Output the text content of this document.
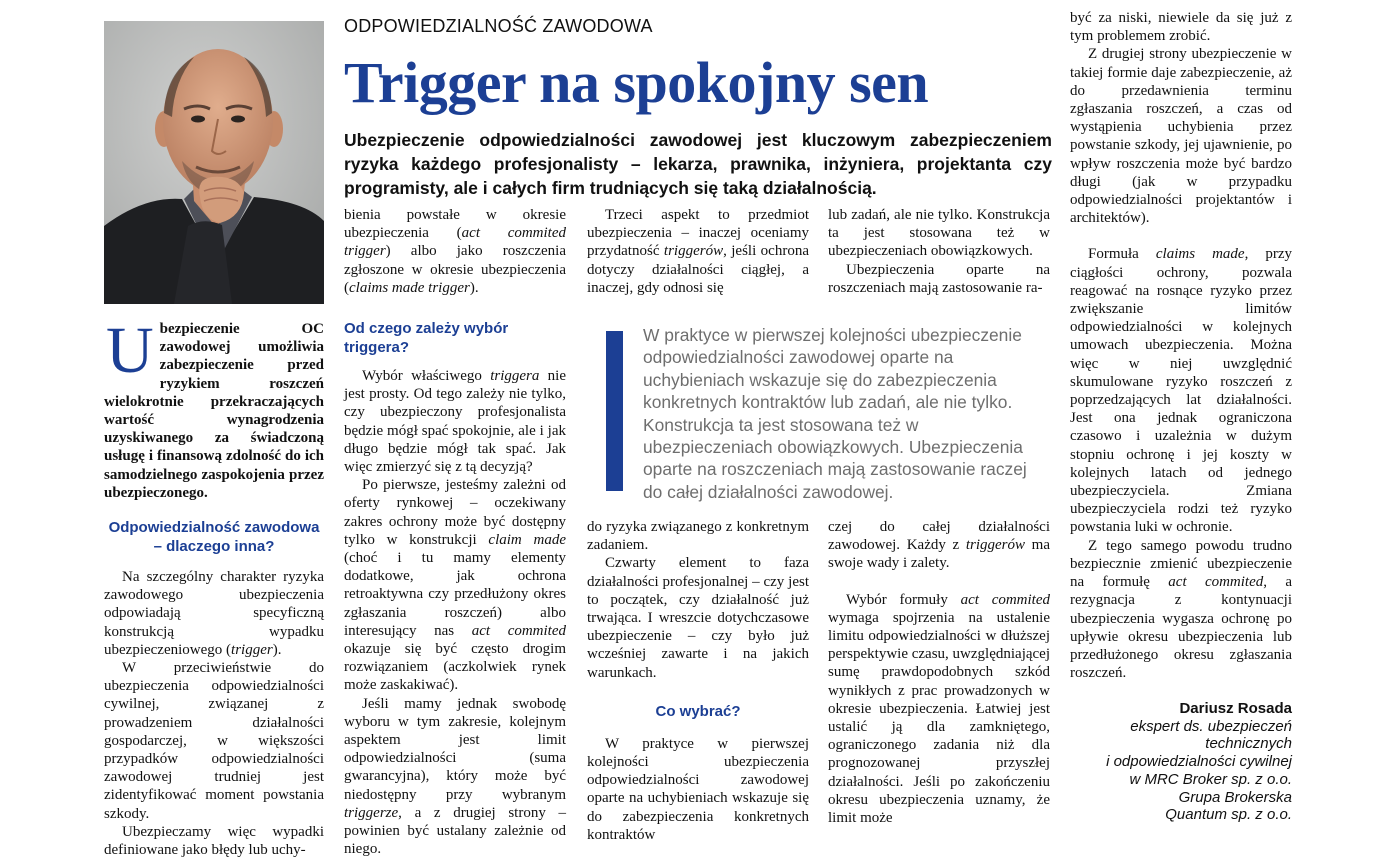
ODPOWIEDZIALNOŚĆ ZAWODOWA
Trigger na spokojny sen

Ubezpieczenie odpowiedzialności zawodowej jest kluczowym zabezpieczeniem ryzyka każdego profesjonalisty – lekarza, prawnika, inżyniera, projektanta czy programisty, ale i całych firm trudniących się taką działalnością.

U bezpieczenie OC zawodowej umożliwia zabezpieczenie przed ryzykiem roszczeń wielokrotnie przekraczających wartość wynagrodzenia uzyskiwanego za świadczoną usługę i finansową zdolność do ich samodzielnego zaspokojenia przez ubezpieczonego.

Odpowiedzialność zawodowa – dlaczego inna?

Na szczególny charakter ryzyka zawodowego ubezpieczenia odpowiadają specyficzną konstrukcją wypadku ubezpieczeniowego (trigger).

W przeciwieństwie do ubezpieczenia odpowiedzialności cywilnej, związanej z prowadzeniem działalności gospodarczej, w większości przypadków odpowiedzialności zawodowej trudniej jest zidentyfikować moment powstania szkody.

Ubezpieczamy więc wypadki definiowane jako błędy lub uchy-

bienia powstałe w okresie ubezpieczenia (act commited trigger) albo jako roszczenia zgłoszone w okresie ubezpieczenia (claims made trigger).

Od czego zależy wybór triggera?

Wybór właściwego triggera nie jest prosty. Od tego zależy nie tylko, czy ubezpieczony profesjonalista będzie mógł spać spokojnie, ale i jak długo będzie mógł tak spać. Jak więc zmierzyć się z tą decyzją?

Po pierwsze, jesteśmy zależni od oferty rynkowej – oczekiwany zakres ochrony może być dostępny tylko w konstrukcji claim made (choć i tu mamy elementy dodatkowe, jak ochrona retroaktywna czy przedłużony okres zgłaszania roszczeń) albo interesujący nas act commited okazuje się być często drogim rozwiązaniem (aczkolwiek rynek może zaskakiwać).

Jeśli mamy jednak swobodę wyboru w tym zakresie, kolejnym aspektem jest limit odpowiedzialności (suma gwarancyjna), który może być niedostępny przy wybranym triggerze, a z drugiej strony – powinien być ustalany zależnie od niego.

Trzeci aspekt to przedmiot ubezpieczenia – inaczej oceniamy przydatność triggerów, jeśli ochrona dotyczy działalności ciągłej, a inaczej, gdy odnosi się

lub zadań, ale nie tylko. Konstrukcja ta jest stosowana też w ubezpieczeniach obowiązkowych.

Ubezpieczenia oparte na roszczeniach mają zastosowanie ra-

W praktyce w pierwszej kolejności ubezpieczenie odpowiedzialności zawodowej oparte na uchybieniach wskazuje się do zabezpieczenia konkretnych kontraktów lub zadań, ale nie tylko. Konstrukcja ta jest stosowana też w ubezpieczeniach obowiązkowych. Ubezpieczenia oparte na roszczeniach mają zastosowanie raczej do całej działalności zawodowej.

do ryzyka związanego z konkretnym zadaniem.

Czwarty element to faza działalności profesjonalnej – czy jest to początek, czy działalność już trwająca. I wreszcie dotychczasowe ubezpieczenie – czy było już wcześniej zawarte i na jakich warunkach.

Co wybrać?

W praktyce w pierwszej kolejności ubezpieczenia odpowiedzialności zawodowej oparte na uchybieniach wskazuje się do zabezpieczenia konkretnych kontraktów

czej do całej działalności zawodowej. Każdy z triggerów ma swoje wady i zalety.

Wybór formuły act commited wymaga spojrzenia na ustalenie limitu odpowiedzialności w dłuższej perspektywie czasu, uwzględniającej sumę prawdopodobnych szkód wynikłych z prac prowadzonych w okresie ubezpieczenia. Łatwiej jest ustalić ją dla zamkniętego, ograniczonego zadania niż dla prognozowanej przyszłej działalności. Jeśli po zakończeniu okresu ubezpieczenia uznamy, że limit może

być za niski, niewiele da się już z tym problemem zrobić.

Z drugiej strony ubezpieczenie w takiej formie daje zabezpieczenie, aż do przedawnienia terminu zgłaszania roszczeń, a czas od wystąpienia uchybienia przez powstanie szkody, jej ujawnienie, po wpływ roszczenia może być bardzo długi (jak w przypadku odpowiedzialności projektantów i architektów).

Formuła claims made, przy ciągłości ochrony, pozwala reagować na rosnące ryzyko przez zwiększanie limitów odpowiedzialności w kolejnych umowach ubezpieczenia. Można więc w niej uwzględnić skumulowane ryzyko roszczeń z poprzedzających lat działalności. Jest ona jednak ograniczona czasowo i uzależnia w dużym stopniu ochronę i jej koszty w kolejnych latach od jednego ubezpieczyciela. Zmiana ubezpieczyciela rodzi też ryzyko powstania luki w ochronie.

Z tego samego powodu trudno bezpiecznie zmienić ubezpieczenie na formułę act commited, a rezygnacja z kontynuacji ubezpieczenia wygasza ochronę po upływie okresu ubezpieczenia lub przedłużonego okresu zgłaszania roszczeń.

Dariusz Rosada
ekspert ds. ubezpieczeń
technicznych
i odpowiedzialności cywilnej
w MRC Broker sp. z o.o.
Grupa Brokerska
Quantum sp. z o.o.
